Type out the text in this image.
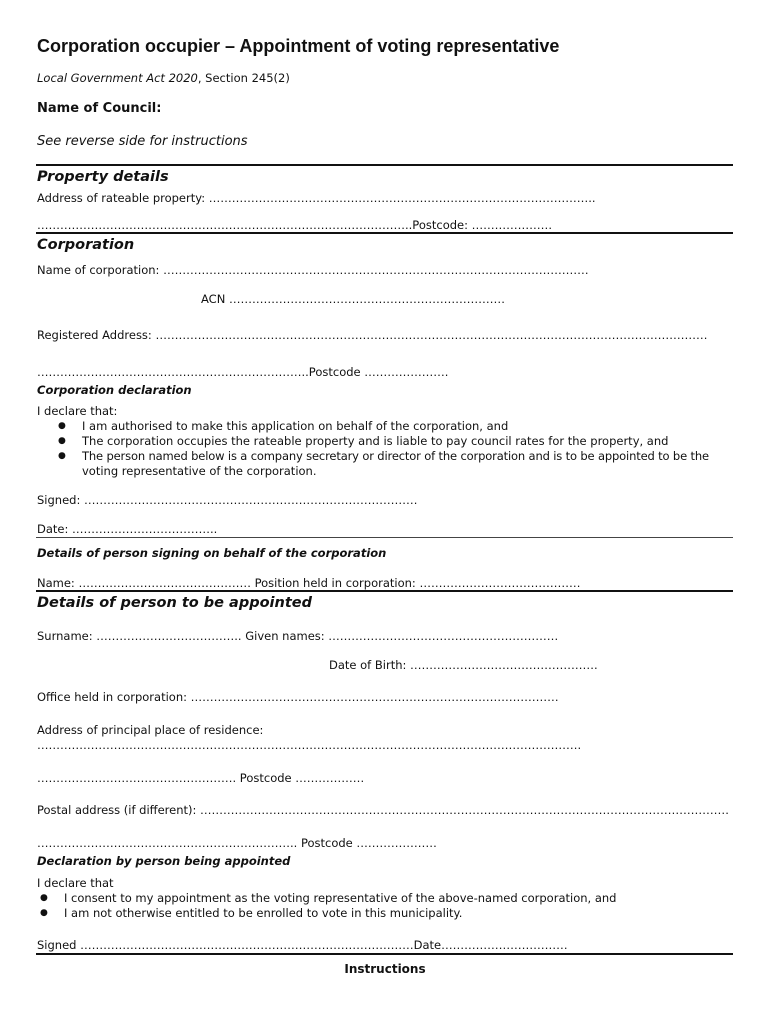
Corporation occupier – Appointment of voting representative
Local Government Act 2020, Section 245(2)
Name of Council:
See reverse side for instructions
Property details
Address of rateable property: ………………………………………………………………………………………..
……………………………………………………………………………………..Postcode: …………………
Corporation
Name of corporation: …………………………………………………………………………………………………
ACN ………………………………………………………………
Registered Address: ………………………………………………………………………………………………………………………………
……………………………………………………………..Postcode ………………….
Corporation declaration
I declare that:
● I am authorised to make this application on behalf of the corporation, and
● The corporation occupies the rateable property and is liable to pay council rates for the property, and
● The person named below is a company secretary or director of the corporation and is to be appointed to be the
voting representative of the corporation.
Signed: ……………………………………………………………………………
Date: ………………………………..
Details of person signing on behalf of the corporation
Name: ……………………………………… Position held in corporation: ……………………………………
Details of person to be appointed
Surname: ……………………………….. Given names: ……………………………………………………
Date of Birth: ………………………………………….
Office held in corporation: ……………………………………………………………………………………
Address of principal place of residence:
…………………………………………………………………………………………………………………………….
……………………………………………. Postcode ………………
Postal address (if different): …………………………………………………………………………………………………………………………
………………………………………………………….. Postcode …………………
Declaration by person being appointed
I declare that
● I consent to my appointment as the voting representative of the above-named corporation, and
● I am not otherwise entitled to be enrolled to vote in this municipality.
Signed ……………………………………………………………………………Date……………………………
Instructions
